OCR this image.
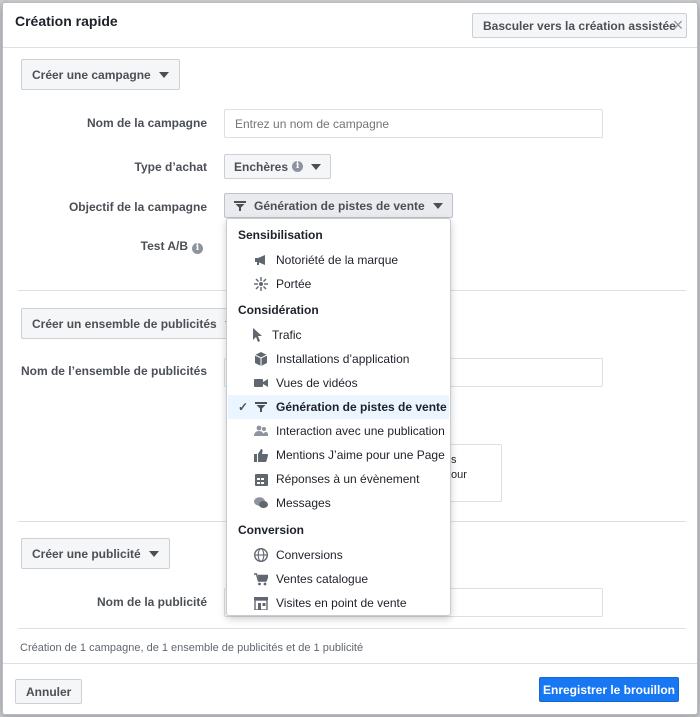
Création rapide	Basculer vers la création assistée
×
Créer une campagne
Nom de la campagne
Entrez un nom de campagne
Type d’achat Enchères i
Objectif de la campagne	Génération de pistes de vente
Test A/B i
Créer un ensemble de publicités
Nom de l’ensemble de publicités
s
our
Créer une publicité
Nom de la publicité
Création de 1 campagne, de 1 ensemble de publicités et de 1 publicité
Annuler	Enregistrer le brouillon
Sensibilisation
Notoriété de la marque
Portée
Considération
Trafic
Installations d’application
Vues de vidéos
✓ Génération de pistes de vente
Interaction avec une publication
Mentions J’aime pour une Page
Réponses à un évènement
Messages
Conversion
Conversions
Ventes catalogue
Visites en point de vente
